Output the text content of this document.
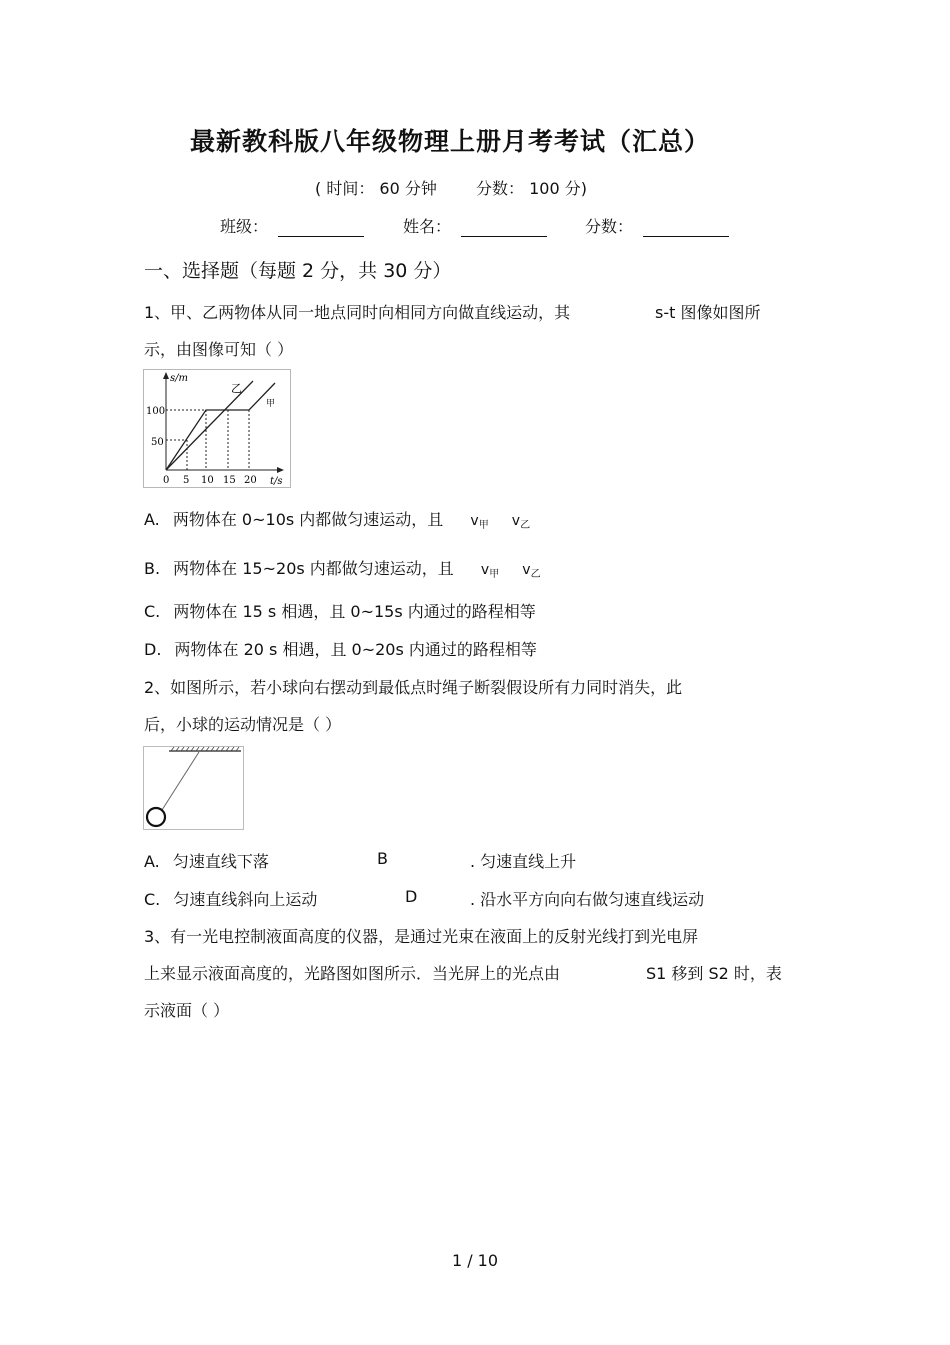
最新教科版八年级物理上册月考考试（汇总）
( 时间： 60 分钟 分数： 100 分)
班级：	姓名：	分数：
一、选择题（每题 2 分，共 30 分）
1、甲、乙两物体从同一地点同时向相同方向做直线运动，其	s-t 图像如图所
示，由图像可知（ ）
s/m
t/s
100
50
0 5 10 15 20
乙
甲
A. 两物体在 0~10s 内都做匀速运动，且 $v_甲$ $v_乙$
B. 两物体在 15~20s 内都做匀速运动，且 $v_甲$ $v_乙$
C. 两物体在 15 s 相遇，且 0~15s 内通过的路程相等
D. 两物体在 20 s 相遇，且 0~20s 内通过的路程相等
2、如图所示，若小球向右摆动到最低点时绳子断裂假设所有力同时消失，此
后，小球的运动情况是（ ）
A. 匀速直线下落	B	. 匀速直线上升
C. 匀速直线斜向上运动	D	. 沿水平方向向右做匀速直线运动
3、有一光电控制液面高度的仪器，是通过光束在液面上的反射光线打到光电屏
上来显示液面高度的，光路图如图所示．当光屏上的光点由	S1 移到 S2 时，表
示液面（ ）
1 / 10
